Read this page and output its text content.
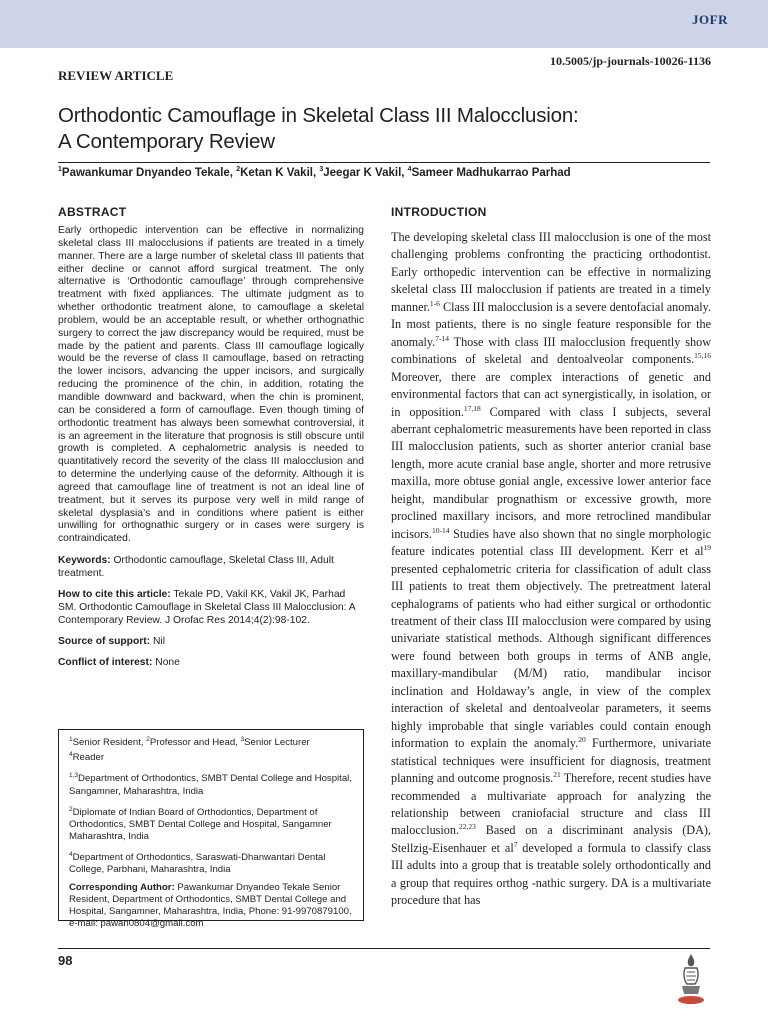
JOFR
10.5005/jp-journals-10026-1136
REVIEW ARTICLE
Orthodontic Camouflage in Skeletal Class III Malocclusion:
A Contemporary Review
$^1$Pawankumar Dnyandeo Tekale, $^2$Ketan K Vakil, $^3$Jeegar K Vakil, $^4$Sameer Madhukarrao Parhad
ABSTRACT

Early orthopedic intervention can be effective in normalizing skeletal class III malocclusions if patients are treated in a timely manner. There are a large number of skeletal class III patients that either decline or cannot afford surgical treatment. The only alternative is ‘Orthodontic camouflage’ through comprehensive treatment with fixed appliances. The ultimate judgment as to whether orthodontic treatment alone, to camouflage a skeletal problem, would be an acceptable result, or whether orthognathic surgery to correct the jaw discrepancy would be required, must be made by the patient and parents. Class III camouflage logically would be the reverse of class II camouflage, based on retracting the lower incisors, advancing the upper incisors, and surgically reducing the prominence of the chin, in addition, rotating the mandible downward and backward, when the chin is prominent, can be considered a form of camouflage. Even though timing of orthodontic treatment has always been somewhat controversial, it is an agreement in the literature that prognosis is still obscure until growth is completed. A cephalometric analysis is needed to quantitatively record the severity of the class III malocclusion and to determine the underlying cause of the deformity. Although it is agreed that camouflage line of treatment is not an ideal line of treatment, but it serves its purpose very well in mild range of skeletal dysplasia’s and in conditions where patient is either unwilling for orthognathic surgery or in cases were surgery is contraindicated.

Keywords: Orthodontic camouflage, Skeletal Class III, Adult treatment.
How to cite this article: Tekale PD, Vakil KK, Vakil JK, Parhad SM. Orthodontic Camouflage in Skeletal Class III Malocclusion: A Contemporary Review. J Orofac Res 2014;4(2):98-102.
Source of support: Nil
Conflict of interest: None

$^1$Senior Resident, $^2$Professor and Head, $^3$Senior Lecturer
$^4$Reader

$^{1,3}$Department of Orthodontics, SMBT Dental College and Hospital, Sangamner, Maharashtra, India

$^2$Diplomate of Indian Board of Orthodontics, Department of Orthodontics, SMBT Dental College and Hospital, Sangamner Maharashtra, India

$^4$Department of Orthodontics, Saraswati-Dhanwantari Dental College, Parbhani, Maharashtra, India

Corresponding Author: Pawankumar Dnyandeo Tekale Senior Resident, Department of Orthodontics, SMBT Dental College and Hospital, Sangamner, Maharashtra, India, Phone: 91-9970879100, e-mail: pawan0804@gmail.com

INTRODUCTION

The developing skeletal class III malocclusion is one of the most challenging problems confronting the practicing orthodontist. Early orthopedic intervention can be effective in normalizing skeletal class III malocclusion if patients are treated in a timely manner.$^{1-6}$ Class III malocclusion is a severe dentofacial anomaly. In most patients, there is no single feature responsible for the anomaly.$^{7-14}$ Those with class III malocclusion frequently show combinations of skeletal and dentoalveolar components.$^{15,16}$ Moreover, there are complex interactions of genetic and environmental factors that can act synergistically, in isolation, or in opposition.$^{17,18}$ Compared with class I subjects, several aberrant cephalometric measurements have been reported in class III malocclusion patients, such as shorter anterior cranial base length, more acute cranial base angle, shorter and more retrusive maxilla, more obtuse gonial angle, excessive lower anterior face height, mandibular prognathism or excessive growth, more proclined maxillary incisors, and more retroclined mandibular incisors.$^{10-14}$ Studies have also shown that no single morphologic feature indicates potential class III development. Kerr et $al^{19}$ presented cephalometric criteria for classification of adult class III patients to treat them objectively. The pretreatment lateral cephalograms of patients who had either surgical or orthodontic treatment of their class III malocclusion were compared by using univariate statistical methods. Although significant differences were found between both groups in terms of ANB angle, maxillary-mandibular (M/M) ratio, mandibular incisor inclination and Holdaway’s angle, in view of the complex interaction of skeletal and dentoalveolar parameters, it seems highly improbable that single variables could contain enough information to explain the anomaly.$^{20}$ Furthermore, univariate statistical techniques were insufficient for diagnosis, treatment planning and outcome prognosis.$^{21}$ Therefore, recent studies have recommended a multivariate approach for analyzing the relationship between craniofacial structure and class III malocclusion.$^{22,23}$ Based on a discriminant analysis (DA), Stellzig-Eisenhauer et $al^7$ developed a formula to classify class III adults into a group that is treatable solely orthodontically and a group that requires orthog -nathic surgery. DA is a multivariate procedure that has

98
